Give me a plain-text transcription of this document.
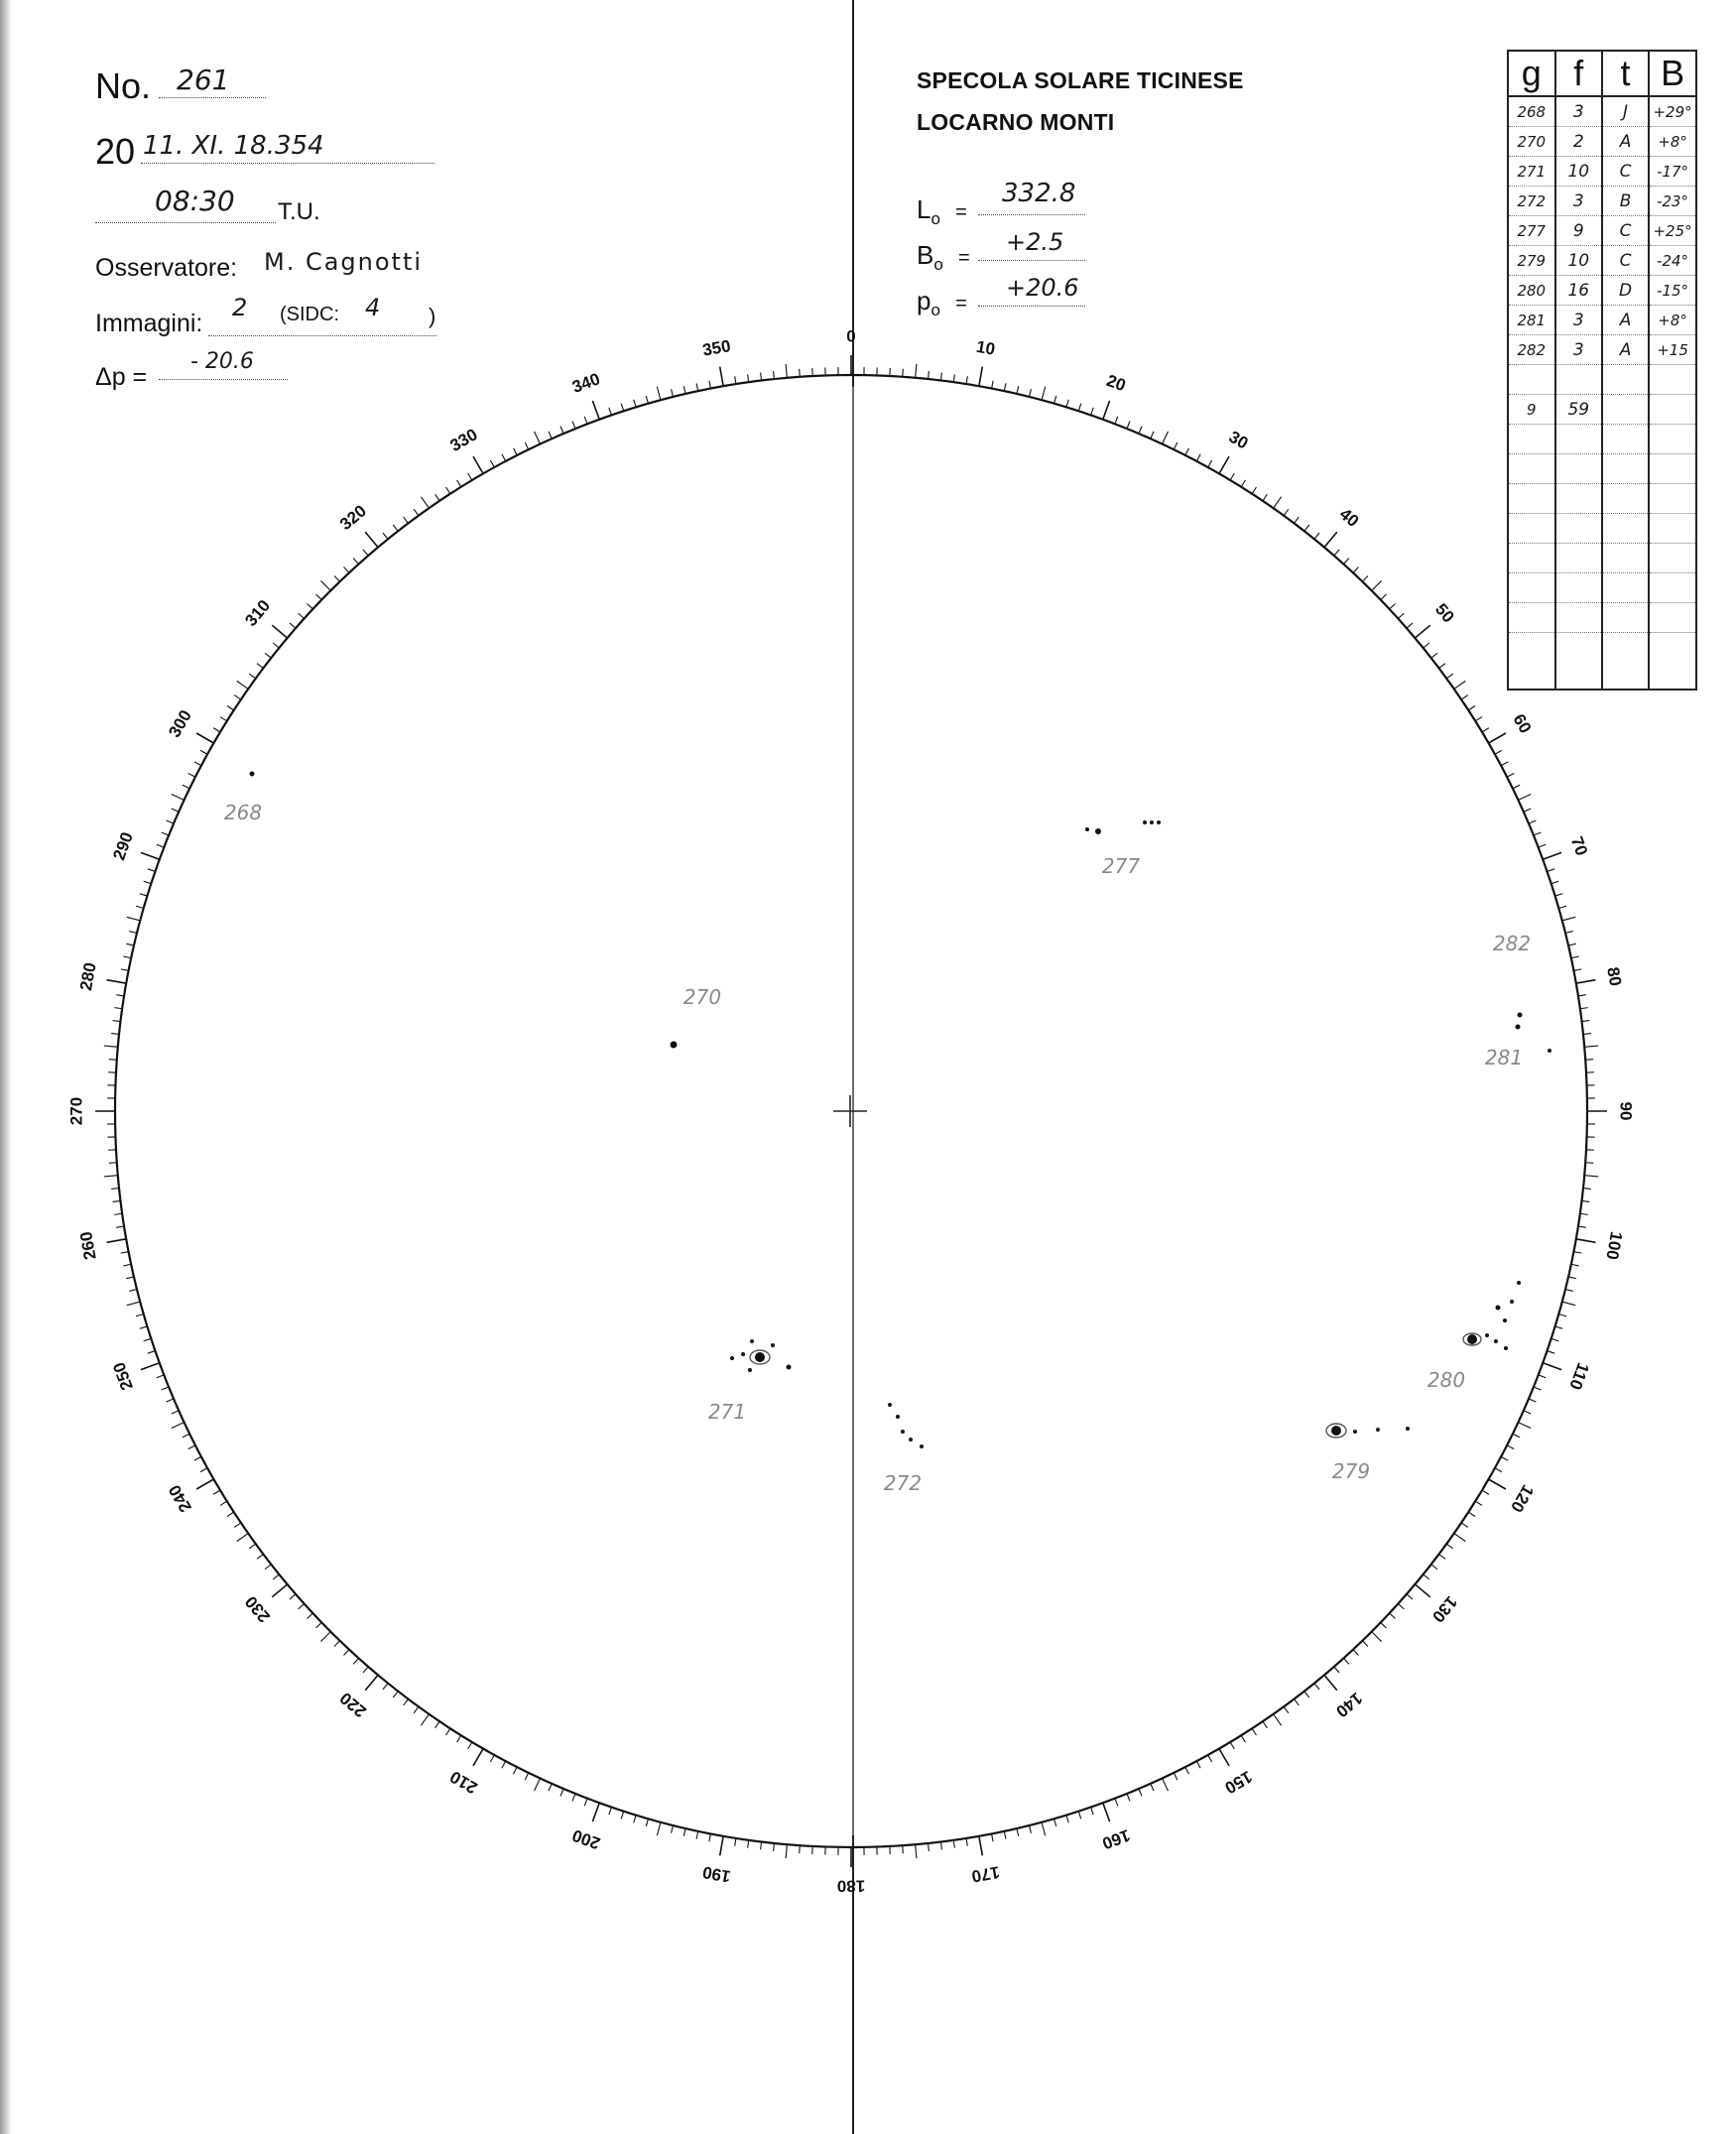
No. 261
20 11. XI. 18.354
08:30 T.U.
Osservatore: M. Cagnotti
Immagini:
2 (SIDC: 4 )
Δp =
- 20.6
SPECOLA SOLARE TICINESE
LOCARNO MONTI
$L_o$ =
332.8
$B_o$ =
+2.5
$p_o$ =
+20.6
0
10
20
30
40
50
60
70
80
90
100
110
120
130
140
150
160
170
180
190
200
210
220
230
240
250
260
270
280
290
300
310
320
330
340
350
268
270
271
272
277
279
280
281
282
g	f	t	B
268	3	J	+29°
270	2	A	+8°
271	10	C	-17°
272	3	B	-23°
277	9	C	+25°
279	10	C	-24°
280	16	D	-15°
281	3	A	+8°
282	3	A	+15

9	59		
